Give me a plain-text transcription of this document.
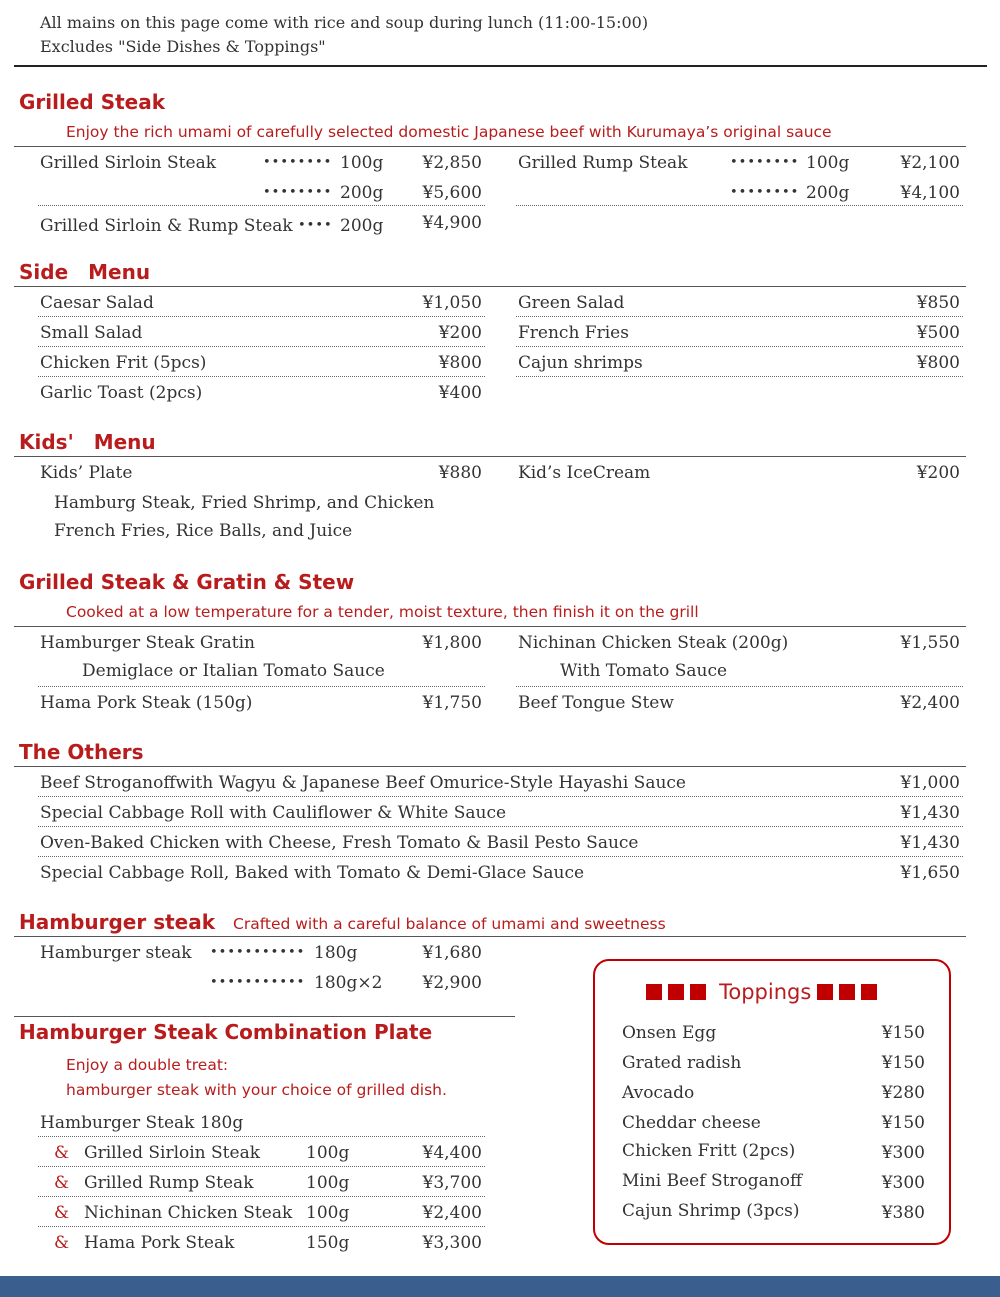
All mains on this page come with rice and soup during lunch (11:00-15:00)
Excludes "Side Dishes & Toppings"
Grilled Steak
Enjoy the rich umami of carefully selected domestic Japanese beef with Kurumaya’s original sauce
Grilled Sirloin Steak	•••••••• 100g	¥2,850
•••••••• 200g	¥5,600
Grilled Rump Steak	•••••••• 100g	¥2,100
•••••••• 200g	¥4,100
Grilled Sirloin & Rump Steak •••• 200g	¥4,900
Side　Menu
Caesar Salad	¥1,050
Small Salad	¥200
Chicken Frit (5pcs)	¥800
Garlic Toast (2pcs)	¥400
Green Salad	¥850
French Fries	¥500
Cajun shrimps	¥800
Kids'　Menu
Kids’ Plate	¥880
Hamburg Steak, Fried Shrimp, and Chicken
French Fries, Rice Balls, and Juice
Kid’s IceCream	¥200
Grilled Steak & Gratin & Stew
Cooked at a low temperature for a tender, moist texture, then finish it on the grill
Hamburger Steak Gratin	¥1,800
Demiglace or Italian Tomato Sauce
Hama Pork Steak (150g)	¥1,750
Nichinan Chicken Steak (200g)	¥1,550
With Tomato Sauce
Beef Tongue Stew	¥2,400
The Others
Beef Stroganoffwith Wagyu & Japanese Beef Omurice-Style Hayashi Sauce	¥1,000
Special Cabbage Roll with Cauliflower & White Sauce	¥1,430
Oven-Baked Chicken with Cheese, Fresh Tomato & Basil Pesto Sauce	¥1,430
Special Cabbage Roll, Baked with Tomato & Demi-Glace Sauce	¥1,650
Hamburger steak Crafted with a careful balance of umami and sweetness
Hamburger steak ••••••••••• 180g	¥1,680
••••••••••• 180g×2	¥2,900
Hamburger Steak Combination Plate
Enjoy a double treat:
hamburger steak with your choice of grilled dish.
Hamburger Steak 180g
& Grilled Sirloin Steak	100g	¥4,400
& Grilled Rump Steak	100g	¥3,700
& Nichinan Chicken Steak 100g	¥2,400
& Hama Pork Steak	150g	¥3,300
Toppings
Onsen Egg	¥150
Grated radish	¥150
Avocado	¥280
Cheddar cheese	¥150
Chicken Fritt (2pcs)	¥300
Mini Beef Stroganoff	¥300
Cajun Shrimp (3pcs)	¥380
